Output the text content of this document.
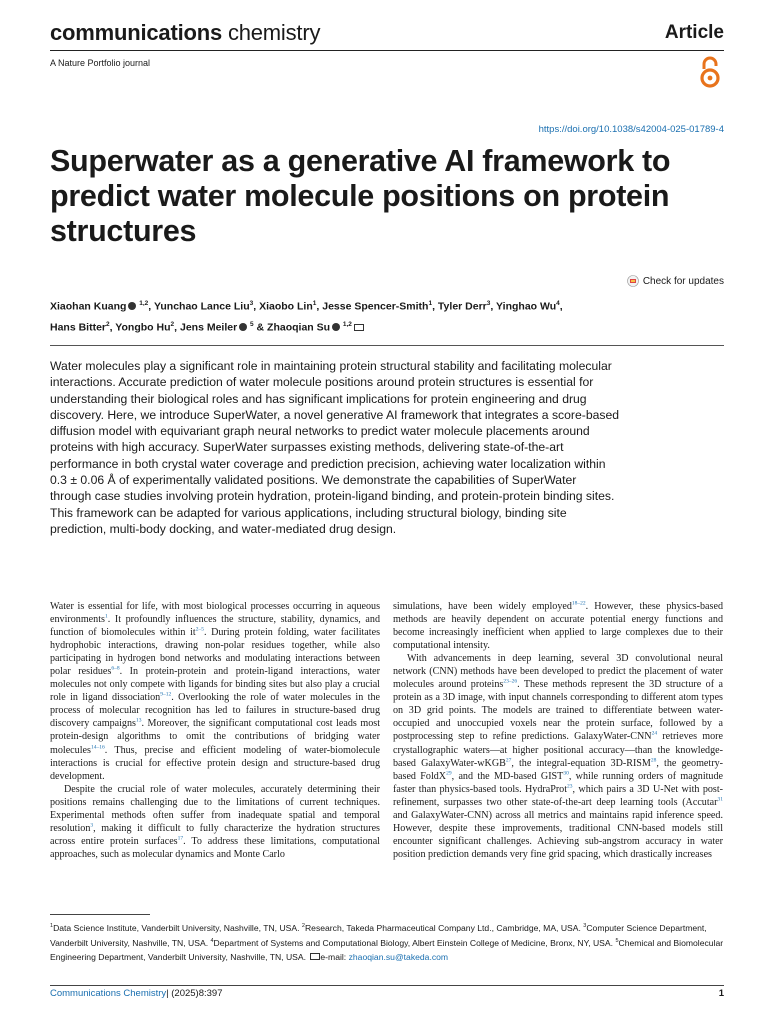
communications chemistry	Article
A Nature Portfolio journal
https://doi.org/10.1038/s42004-025-01789-4
Superwater as a generative AI framework to predict water molecule positions on protein structures
Check for updates
Xiaohan Kuang $^{1,2}$, Yunchao Lance Liu$^3$, Xiaobo Lin$^1$, Jesse Spencer-Smith$^1$, Tyler Derr$^3$, Yinghao Wu$^4$,
Hans Bitter$^2$, Yongbo Hu$^2$, Jens Meiler $^5$ & Zhaoqian Su $^{1,2}$

Water molecules play a significant role in maintaining protein structural stability and facilitating molecular interactions. Accurate prediction of water molecule positions around protein structures is essential for understanding their biological roles and has significant implications for protein engineering and drug discovery. Here, we introduce SuperWater, a novel generative AI framework that integrates a score-based diffusion model with equivariant graph neural networks to predict water molecule placements around proteins with high accuracy. SuperWater surpasses existing methods, delivering state-of-the-art performance in both crystal water coverage and prediction precision, achieving water localization within 0.3 ± 0.06 Å of experimentally validated positions. We demonstrate the capabilities of SuperWater through case studies involving protein hydration, protein-ligand binding, and protein-protein binding sites. This framework can be adapted for various applications, including structural biology, binding site prediction, multi-body docking, and water-mediated drug design.

Water is essential for life, with most biological processes occurring in aqueous environments$^1$. It profoundly influences the structure, stability, dynamics, and function of biomolecules within it$^{2-5}$. During protein folding, water facilitates hydrophobic interactions, drawing non-polar residues together, while also participating in hydrogen bond networks and modulating interactions between polar residues$^{6-8}$. In protein-protein and protein-ligand interactions, water molecules not only compete with ligands for binding sites but also play a crucial role in ligand dissociation$^{9-12}$. Overlooking the role of water molecules in the process of molecular recognition has led to failures in structure-based drug discovery campaigns$^{13}$. Moreover, the significant computational cost leads most protein-design algorithms to omit the contributions of bridging water molecules$^{14-16}$. Thus, precise and efficient modeling of water-biomolecule interactions is crucial for effective protein design and structure-based drug development.

Despite the crucial role of water molecules, accurately determining their positions remains challenging due to the limitations of current techniques. Experimental methods often suffer from inadequate spatial and temporal resolution$^3$, making it difficult to fully characterize the hydration structures across entire protein surfaces$^{17}$. To address these limitations, computational approaches, such as molecular dynamics and Monte Carlo

simulations, have been widely employed$^{18-22}$. However, these physics-based methods are heavily dependent on accurate potential energy functions and become increasingly inefficient when applied to large complexes due to their computational intensity.

With advancements in deep learning, several 3D convolutional neural network (CNN) methods have been developed to predict the placement of water molecules around proteins$^{23-26}$. These methods represent the 3D structure of a protein as a 3D image, with input channels corresponding to different atom types on 3D grid points. The models are trained to differentiate between water-occupied and unoccupied voxels near the protein surface, followed by a postprocessing step to refine predictions. GalaxyWater-CNN$^{24}$ retrieves more crystallographic waters—at higher positional accuracy—than the knowledge-based GalaxyWater-wKGB$^{27}$, the integral-equation 3D-RISM$^{28}$, the geometry-based FoldX$^{29}$, and the MD-based GIST$^{30}$, while running orders of magnitude faster than physics-based tools. HydraProt$^{23}$, which pairs a 3D U-Net with post-refinement, surpasses two other state-of-the-art deep learning tools (Accutar$^{31}$ and GalaxyWater-CNN) across all metrics and maintains rapid inference speed. However, despite these improvements, traditional CNN-based models still encounter significant challenges. Achieving sub-angstrom accuracy in water position prediction demands very fine grid spacing, which drastically increases

$^1$Data Science Institute, Vanderbilt University, Nashville, TN, USA. $^2$Research, Takeda Pharmaceutical Company Ltd., Cambridge, MA, USA. $^3$Computer Science Department, Vanderbilt University, Nashville, TN, USA. $^4$Department of Systems and Computational Biology, Albert Einstein College of Medicine, Bronx, NY, USA. $^5$Chemical and Biomolecular Engineering Department, Vanderbilt University, Nashville, TN, USA. e-mail: zhaoqian.su@takeda.com

Communications Chemistry| (2025)8:397	1
